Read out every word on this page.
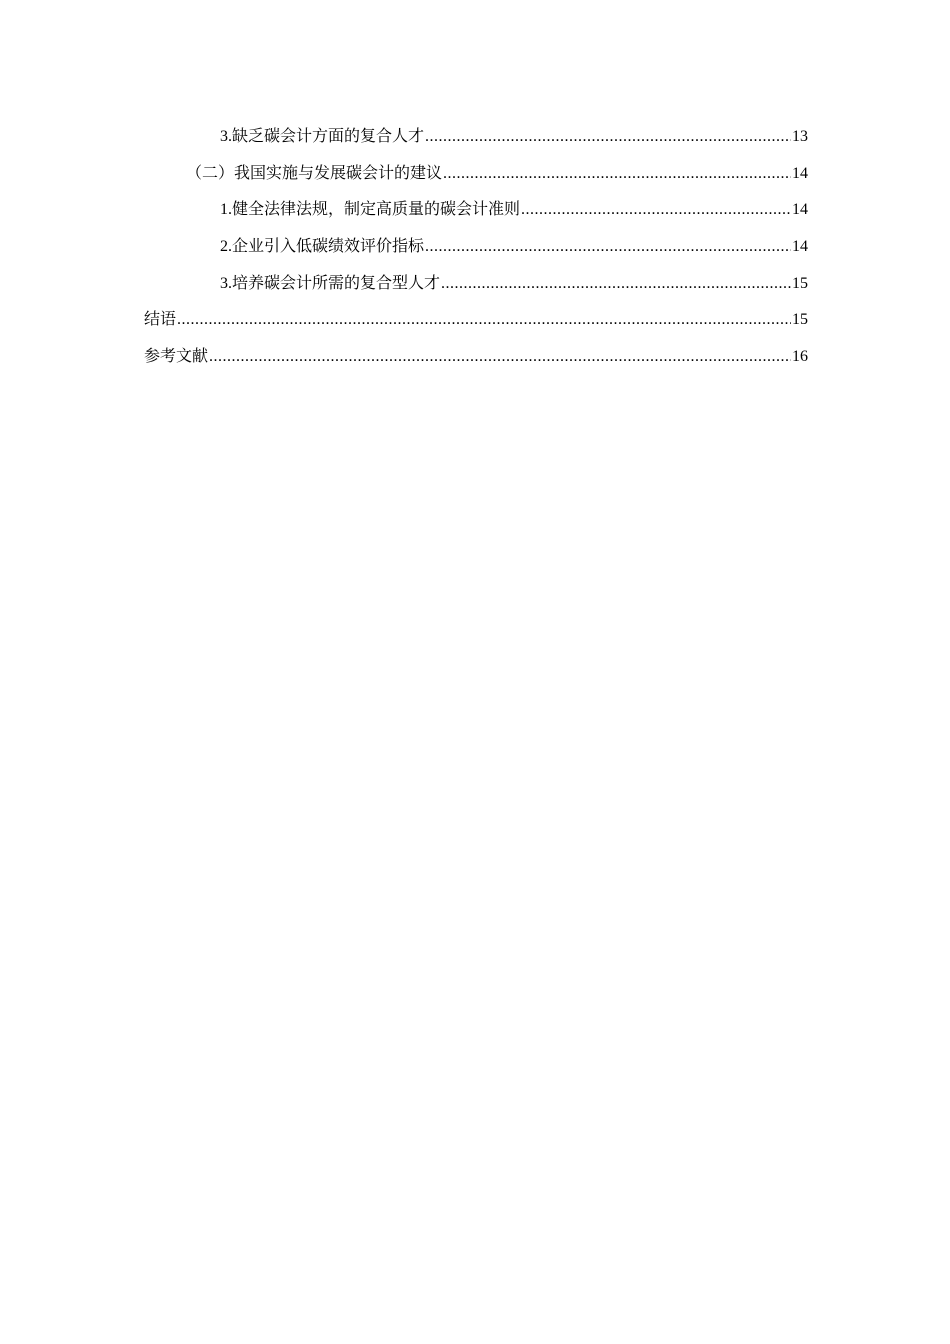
3.缺乏碳会计方面的复合人才 .....	13
（二）我国实施与发展碳会计的建议 .....	14
1.健全法律法规，制定高质量的碳会计准则 .....	14
2.企业引入低碳绩效评价指标 .....	14
3.培养碳会计所需的复合型人才 .....	15
结语 .....	15
参考文献 .....	16
